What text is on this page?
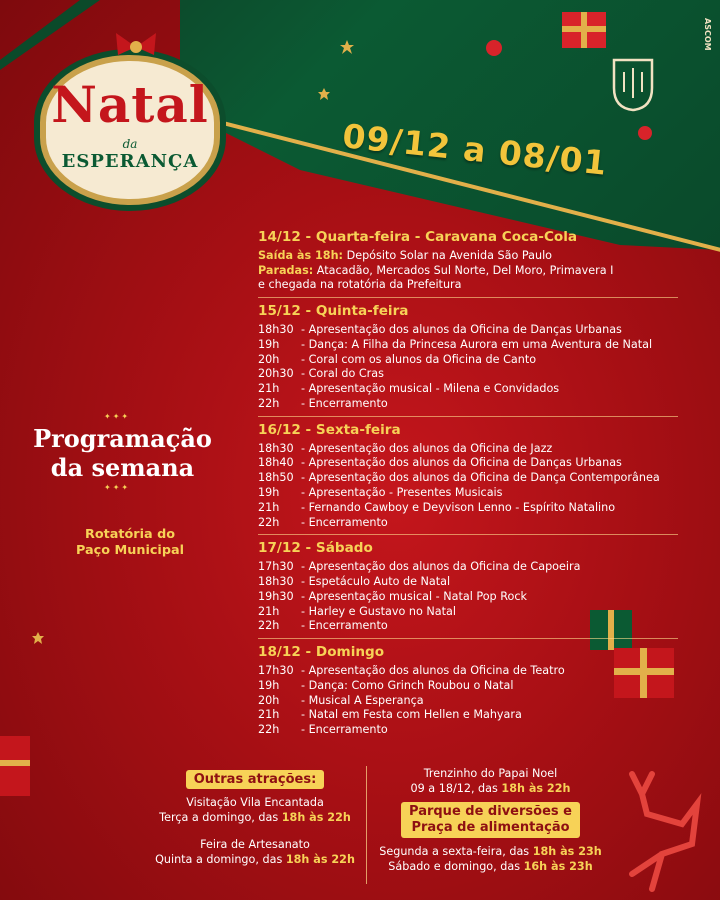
Natal
da
ESPERANÇA	09/12 a 08/01
ASCOM
✦✦✦
Programação
da semana
✦✦✦
Rotatória do
Paço Municipal
14/12 - Quarta-feira - Caravana Coca-Cola
Saída às 18h:
Depósito Solar na Avenida São Paulo
Paradas:
Atacadão, Mercados Sul Norte, Del Moro, Primavera I
e chegada na rotatória da Prefeitura
15/12 - Quinta-feira
18h30 - Apresentação dos alunos da Oficina de Danças Urbanas
19h	- Dança: A Filha da Princesa Aurora em uma Aventura de Natal
20h	- Coral com os alunos da Oficina de Canto
20h30 - Coral do Cras
21h	- Apresentação musical - Milena e Convidados
22h	- Encerramento
16/12 - Sexta-feira
18h30 - Apresentação dos alunos da Oficina de Jazz
18h40 - Apresentação dos alunos da Oficina de Danças Urbanas
18h50 - Apresentação dos alunos da Oficina de Dança Contemporânea
19h	- Apresentação - Presentes Musicais
21h	- Fernando Cawboy e Deyvison Lenno - Espírito Natalino
22h	- Encerramento
17/12 - Sábado
17h30 - Apresentação dos alunos da Oficina de Capoeira
18h30 - Espetáculo Auto de Natal
19h30 - Apresentação musical - Natal Pop Rock
21h	- Harley e Gustavo no Natal
22h	- Encerramento
18/12 - Domingo
17h30 - Apresentação dos alunos da Oficina de Teatro
19h	- Dança: Como Grinch Roubou o Natal
20h	- Musical A Esperança
21h	- Natal em Festa com Hellen e Mahyara
22h	- Encerramento
Outras atrações:
Visitação Vila Encantada
Terça a domingo, das 18h às 22h
Feira de Artesanato
Quinta a domingo, das 18h às 22h
Trenzinho do Papai Noel
09 a 18/12, das 18h às 22h
Parque de diversões e
Praça de alimentação
Segunda a sexta-feira, das 18h às 23h
Sábado e domingo, das 16h às 23h
